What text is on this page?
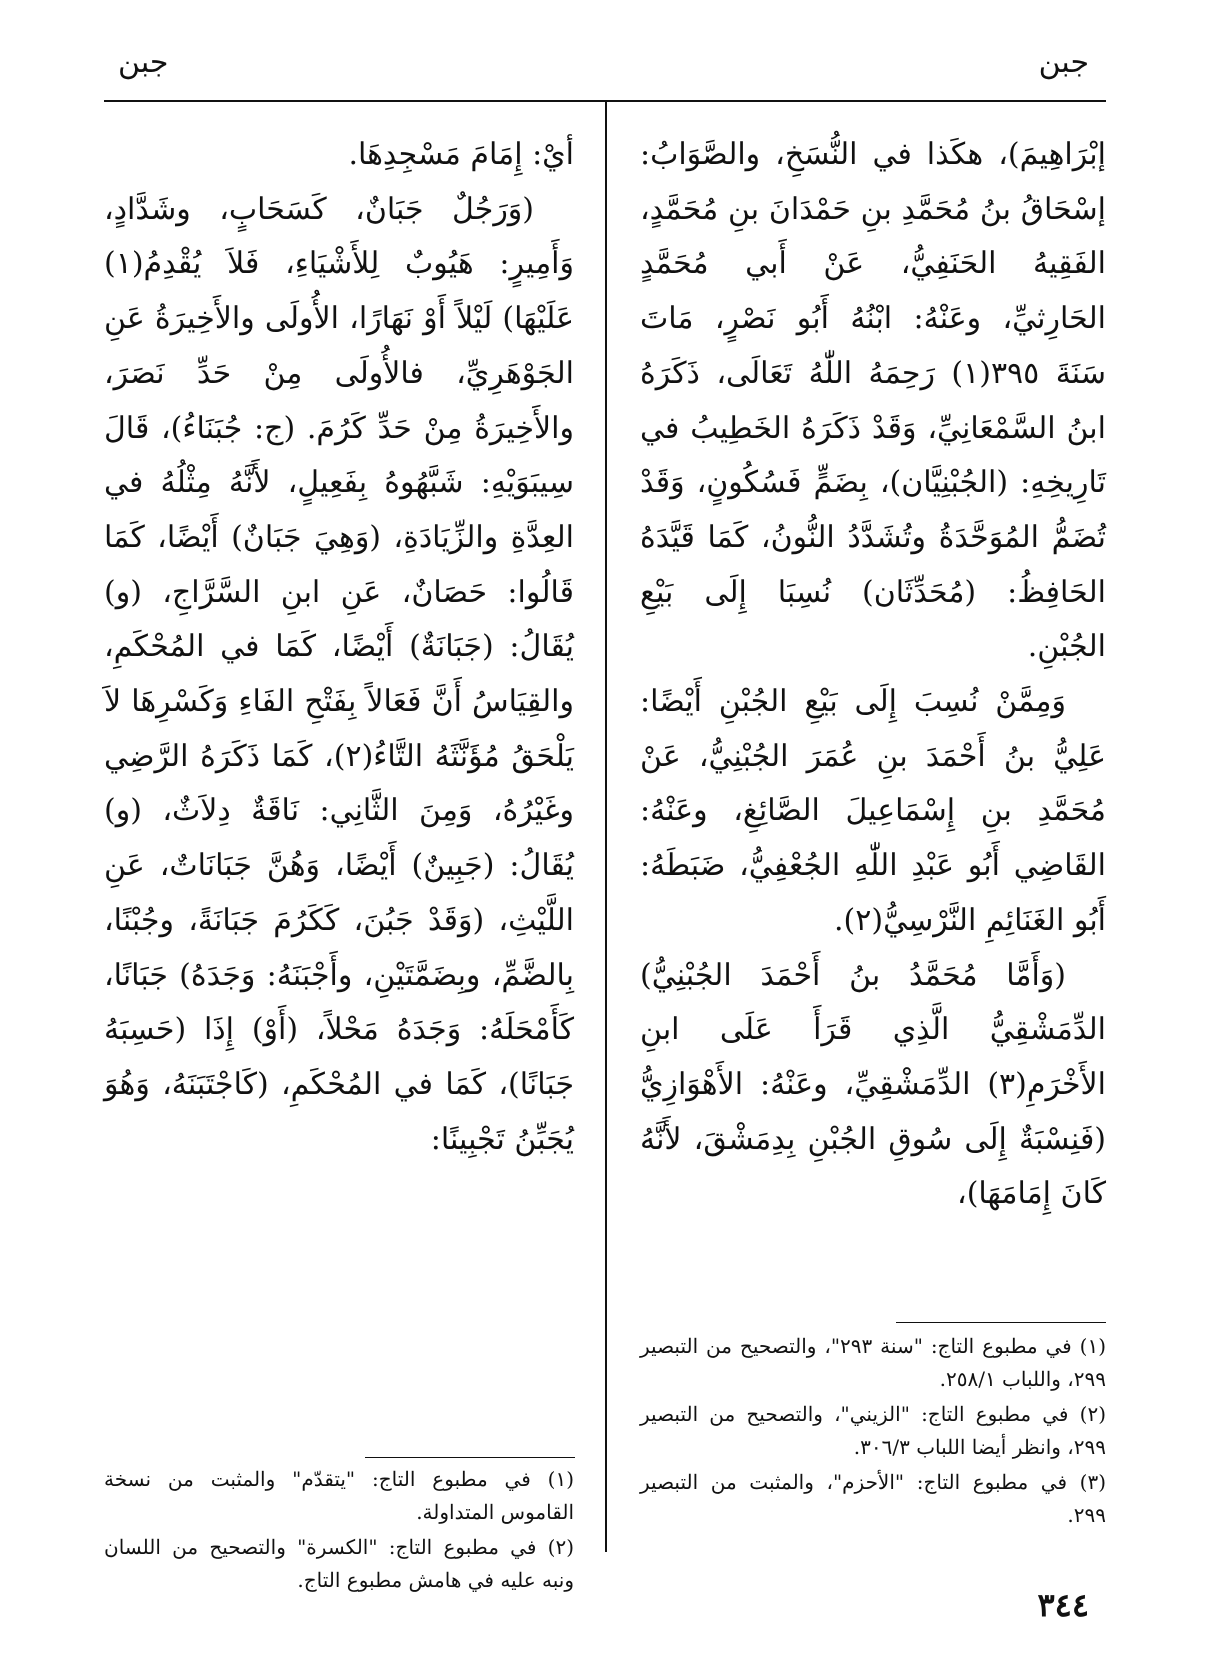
جبن
جبن

إبْرَاهِيمَ)، هكَذا في النُّسَخِ، والصَّوَابُ: إسْحَاقُ بنُ مُحَمَّدِ بنِ حَمْدَانَ بنِ مُحَمَّدٍ، الفَقِيهُ الحَنَفِيُّ، عَنْ أَبي مُحَمَّدٍ الحَارِثيِّ، وعَنْهُ: ابْنُهُ أَبُو نَصْرٍ، مَاتَ سَنَةَ ٣٩٥(١) رَحِمَهُ اللّٰهُ تَعَالَى، ذَكَرَهُ ابنُ السَّمْعَانِيِّ، وَقَدْ ذَكَرَهُ الخَطِيبُ في تَارِيخِهِ: (الجُبْنِيَّان)، بِضَمٍّ فَسُكُونٍ، وَقَدْ تُضَمُّ المُوَحَّدَةُ وتُشَدَّدُ النُّونُ، كَمَا قَيَّدَهُ الحَافِظُ: (مُحَدِّثَان) نُسِبَا إِلَى بَيْعِ الجُبْنِ.

وَمِمَّنْ نُسِبَ إِلَى بَيْعِ الجُبْنِ أَيْضًا: عَلِيُّ بنُ أَحْمَدَ بنِ عُمَرَ الجُبْنِيُّ، عَنْ مُحَمَّدِ بنِ إِسْمَاعِيلَ الصَّائِغِ، وعَنْهُ: القَاضِي أَبُو عَبْدِ اللّٰهِ الجُعْفِيُّ، ضَبَطَهُ: أَبُو الغَنَائِمِ النَّرْسِيُّ(٢).

(وَأَمَّا مُحَمَّدُ بنُ أَحْمَدَ الجُبْنِيُّ) الدِّمَشْقِيُّ الَّذِي قَرَأَ عَلَى ابنِ الأَخْرَمِ(٣) الدِّمَشْقِيِّ، وعَنْهُ: الأَهْوَازِيُّ (فَنِسْبَةٌ إِلَى سُوقِ الجُبْنِ بِدِمَشْقَ، لأَنَّهُ كَانَ إِمَامَهَا)،

أيْ: إِمَامَ مَسْجِدِهَا.

(وَرَجُلٌ جَبَانٌ، كَسَحَابٍ، وشَدَّادٍ، وَأَمِيرٍ: هَيُوبٌ لِلأَشْيَاءِ، فَلاَ يُقْدِمُ(١) عَلَيْهَا) لَيْلاً أَوْ نَهَارًا، الأُولَى والأَخِيرَةُ عَنِ الجَوْهَرِيِّ، فالأُولَى مِنْ حَدِّ نَصَرَ، والأَخِيرَةُ مِنْ حَدِّ كَرُمَ. (ج: جُبَنَاءُ)، قَالَ سِيبَوَيْهِ: شَبَّهُوهُ بِفَعِيلٍ، لأَنَّهُ مِثْلُهُ في العِدَّةِ والزِّيَادَةِ، (وَهِيَ جَبَانٌ) أَيْضًا، كَمَا قَالُوا: حَصَانٌ، عَنِ ابنِ السَّرَّاجِ، (و) يُقَالُ: (جَبَانَةٌ) أَيْضًا، كَمَا في المُحْكَمِ، والقِيَاسُ أَنَّ فَعَالاً بِفَتْحِ الفَاءِ وَكَسْرِهَا لاَ يَلْحَقُ مُؤَنَّثَهُ التَّاءُ(٢)، كَمَا ذَكَرَهُ الرَّضِي وغَيْرُهُ، وَمِنَ الثَّانِي: نَاقَةٌ دِلاَثٌ، (و) يُقَالُ: (جَبِينٌ) أَيْضًا، وَهُنَّ جَبَانَاتٌ، عَنِ اللَّيْثِ، (وَقَدْ جَبُنَ، كَكَرُمَ جَبَانَةً، وجُبْنًا، بِالضَّمِّ، وبِضَمَّتَيْنِ، وأَجْبَنَهُ: وَجَدَهُ) جَبَانًا، كَأَمْحَلَهُ: وَجَدَهُ مَحْلاً، (أَوْ) إِذَا (حَسِبَهُ جَبَانًا)، كَمَا في المُحْكَمِ، (كَاجْتَبَنَهُ، وَهُوَ يُجَبِّنُ تَجْبِينًا:

(١) في مطبوع التاج: "سنة ٢٩٣"، والتصحيح من التبصير ٢٩٩، واللباب ٢٥٨/١.

(٢) في مطبوع التاج: "الزيني"، والتصحيح من التبصير ٢٩٩، وانظر أيضا اللباب ٣٠٦/٣.

(٣) في مطبوع التاج: "الأحزم"، والمثبت من التبصير ٢٩٩.

(١) في مطبوع التاج: "يتقدّم" والمثبت من نسخة القاموس المتداولة.

(٢) في مطبوع التاج: "الكسرة" والتصحيح من اللسان ونبه عليه في هامش مطبوع التاج.

٣٤٤
